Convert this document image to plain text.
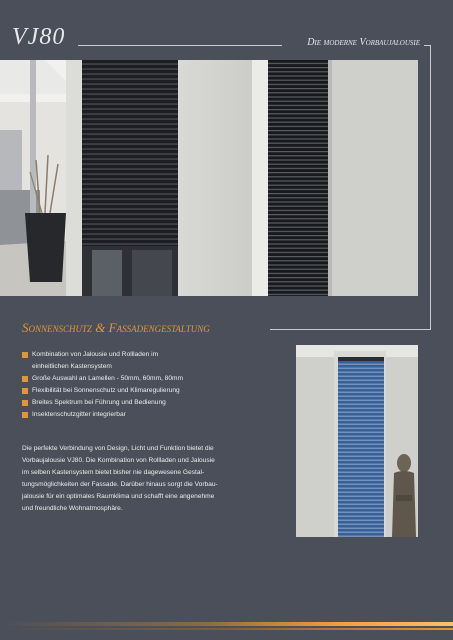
VJ80	Die moderne Vorbaujalousie
Sonnenschutz & Fassadengestaltung
Kombination von Jalousie und Rollladen im
einheitlichen Kastensystem
Große Auswahl an Lamellen - 50mm, 60mm, 80mm
Flexibilität bei Sonnenschutz und Klimaregulierung
Breites Spektrum bei Führung und Bedienung
Insektenschutzgitter integrierbar
Die perfekte Verbindung von Design, Licht und Funktion bietet die
Vorbaujalousie VJ80. Die Kombination von Rollladen und Jalousie
im selben Kastensystem bietet bisher nie dagewesene Gestal-
tungsmöglichkeiten der Fassade. Darüber hinaus sorgt die Vorbau-
jalousie für ein optimales Raumklima und schafft eine angenehme
und freundliche Wohnatmosphäre.
